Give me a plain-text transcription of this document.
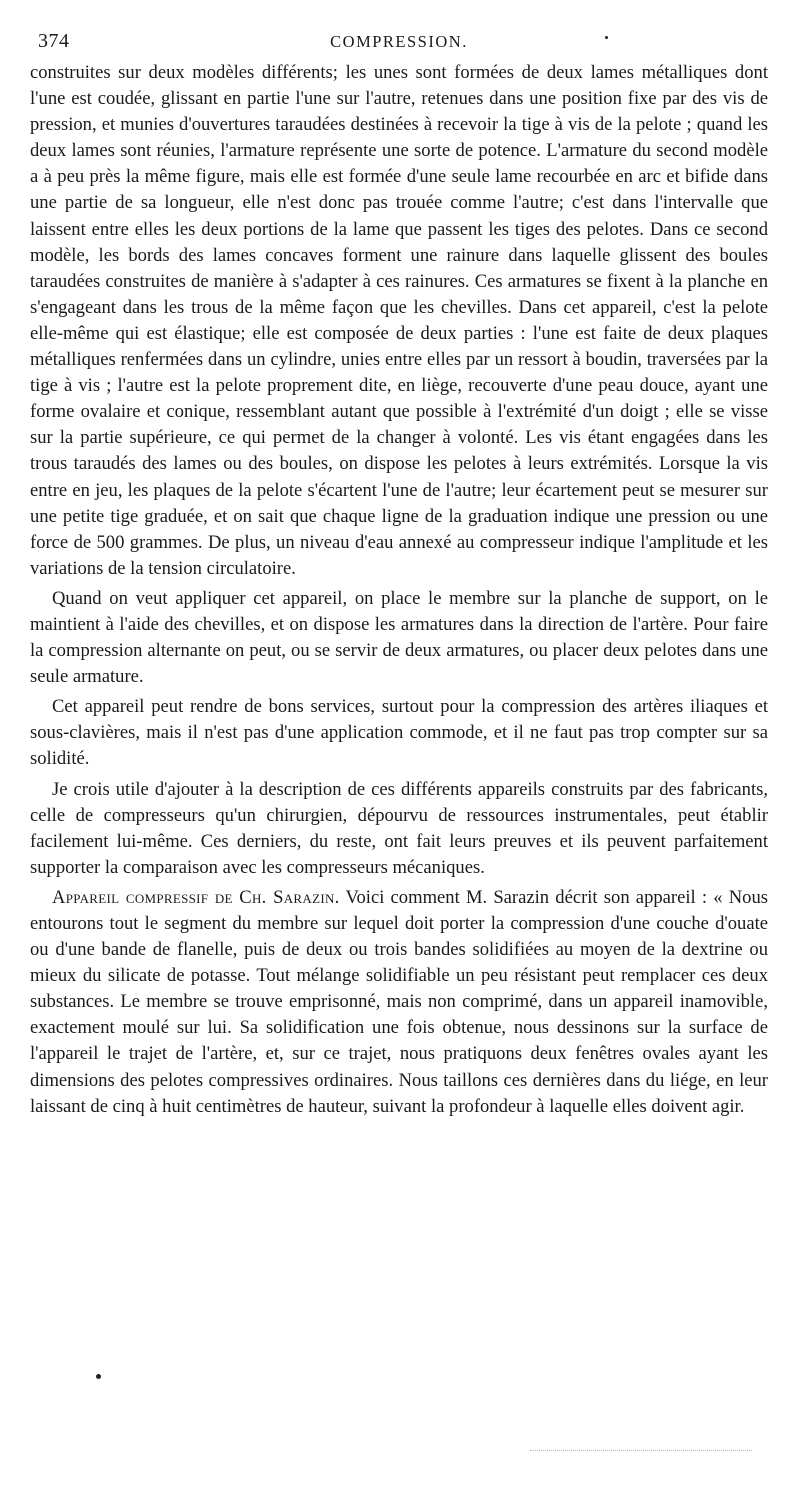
374	COMPRESSION.

construites sur deux modèles différents; les unes sont formées de deux lames métalliques dont l'une est coudée, glissant en partie l'une sur l'autre, retenues dans une position fixe par des vis de pression, et munies d'ouvertures taraudées destinées à recevoir la tige à vis de la pelote ; quand les deux lames sont réunies, l'armature représente une sorte de potence. L'armature du second modèle a à peu près la même figure, mais elle est formée d'une seule lame recourbée en arc et bifide dans une partie de sa longueur, elle n'est donc pas trouée comme l'autre; c'est dans l'intervalle que laissent entre elles les deux portions de la lame que passent les tiges des pelotes. Dans ce second modèle, les bords des lames concaves forment une rainure dans laquelle glissent des boules taraudées construites de manière à s'adapter à ces rainures. Ces armatures se fixent à la planche en s'engageant dans les trous de la même façon que les chevilles. Dans cet appareil, c'est la pelote elle-même qui est élastique; elle est composée de deux parties : l'une est faite de deux plaques métalliques renfermées dans un cylindre, unies entre elles par un ressort à boudin, traversées par la tige à vis ; l'autre est la pelote proprement dite, en liège, recouverte d'une peau douce, ayant une forme ovalaire et conique, ressemblant autant que possible à l'extrémité d'un doigt ; elle se visse sur la partie supérieure, ce qui permet de la changer à volonté. Les vis étant engagées dans les trous taraudés des lames ou des boules, on dispose les pelotes à leurs extrémités. Lorsque la vis entre en jeu, les plaques de la pelote s'écartent l'une de l'autre; leur écartement peut se mesurer sur une petite tige graduée, et on sait que chaque ligne de la graduation indique une pression ou une force de 500 grammes. De plus, un niveau d'eau annexé au compresseur indique l'amplitude et les variations de la tension circulatoire.

Quand on veut appliquer cet appareil, on place le membre sur la planche de support, on le maintient à l'aide des chevilles, et on dispose les armatures dans la direction de l'artère. Pour faire la compression alternante on peut, ou se servir de deux armatures, ou placer deux pelotes dans une seule armature.

Cet appareil peut rendre de bons services, surtout pour la compression des artères iliaques et sous-clavières, mais il n'est pas d'une application commode, et il ne faut pas trop compter sur sa solidité.

Je crois utile d'ajouter à la description de ces différents appareils construits par des fabricants, celle de compresseurs qu'un chirurgien, dépourvu de ressources instrumentales, peut établir facilement lui-même. Ces derniers, du reste, ont fait leurs preuves et ils peuvent parfaitement supporter la comparaison avec les compresseurs mécaniques.

Appareil compressif de Ch. Sarazin. Voici comment M. Sarazin décrit son appareil : « Nous entourons tout le segment du membre sur lequel doit porter la compression d'une couche d'ouate ou d'une bande de flanelle, puis de deux ou trois bandes solidifiées au moyen de la dextrine ou mieux du silicate de potasse. Tout mélange solidifiable un peu résistant peut remplacer ces deux substances. Le membre se trouve emprisonné, mais non comprimé, dans un appareil inamovible, exactement moulé sur lui. Sa solidification une fois obtenue, nous dessinons sur la surface de l'appareil le trajet de l'artère, et, sur ce trajet, nous pratiquons deux fenêtres ovales ayant les dimensions des pelotes compressives ordinaires. Nous taillons ces dernières dans du liége, en leur laissant de cinq à huit centimètres de hauteur, suivant la profondeur à laquelle elles doivent agir.
